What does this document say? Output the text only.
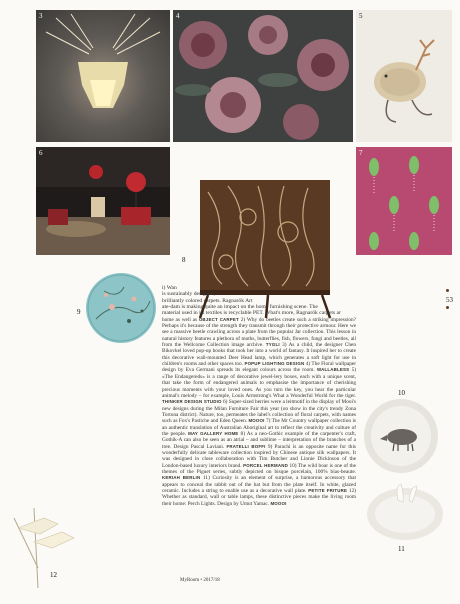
3	4	5
6	7
8
9
i) Wan
is sustainably designed,
brilliantly colored carpets. Ragnarök Art
ate-dam is making quite an impact on the home furnishing scene. The
material used in its textiles is recyclable PET. What's more, Ragnarök carpets ar
home as well as OBJECT CARPET 2) Why do beetles create such a striking impression? Perhaps it's because of the strength they transmit through their protective armour. Here we see a massive beetle crawling across a plate from the popular Jar collection. This lesson in natural history features a plethora of moths, butterflies, fish, flowers, fungi and beetles, all from the Wellcome Collection image archive. TYGLI 3) As a child, the designer Chen Bikovkel loved pop-up books that took her into a world of fantasy. It inspired her to create this decorative wall-mounted Deer Head lamp, which generates a soft light for use in children's rooms and other spaces too. POPUP LIGHTING DESIGN 4) The Floral wallpaper design by Eva Germani spreads its elegant colours across the room. WALLABLESS 5) «The Endangereds» is a range of decorative jewel-lery boxes, each with a unique scent, that take the form of endangered animals to emphasise the importance of cherishing precious moments with your loved ones. As you turn the key, you hear the particular animal's melody – for example, Louis Armstrong's What a Wonderful World for the tiger. THINKER DESIGN STUDIO 6) Super-sized berries were a leitmotif in the display of Mooi's new designs during the Milan Furniture Fair this year (on show in the city's trendy Zona Tortona district). Nature, too, permeates the label's collection of floral carpets, with names such as Fox's Pastiche and Eden Queen. MOOOI 7) The Mr Country wallpaper collection is an authentic translation of Australian Aboriginal art to reflect the creativity and culture of the people. MAY GALLERY HOME 8) As a neo-Gothic example of the carpenter's craft, Gothik-A can also be seen as an atrial – and sublime – interpretation of the branches of a tree. Design Pascal Laviani. FRATELLI BOFFI 9) Parachi is an opposite name for this wonderfully delicate tableware collection inspired by Chinese antique silk wallpapers. It was designed in close collaboration with Tim Butcher and Linnie Dickinson of the London-based luxury interiors brand. PORCEL HERMAND 10) The wild boar is one of the themes of the Piguet series, subtly depicted on bisque porcelain, 100% bias-beaute. KERIAH BERLIN 11) Curiosity is an element of surprise, a humorous accessory that appears to conceal the rabbit out of the hat but from the plate itself. In white, glazed ceramic. Includes a string to enable use as a decorative wall plate. PETITE FRITURE 12) Whether as standard, wall or table lamps, these distinctive pieces make the living room their home: Perch Lights. Design by Umut Yamac. MOOOI
10
11
12
53
MyRoom • 2017/18
